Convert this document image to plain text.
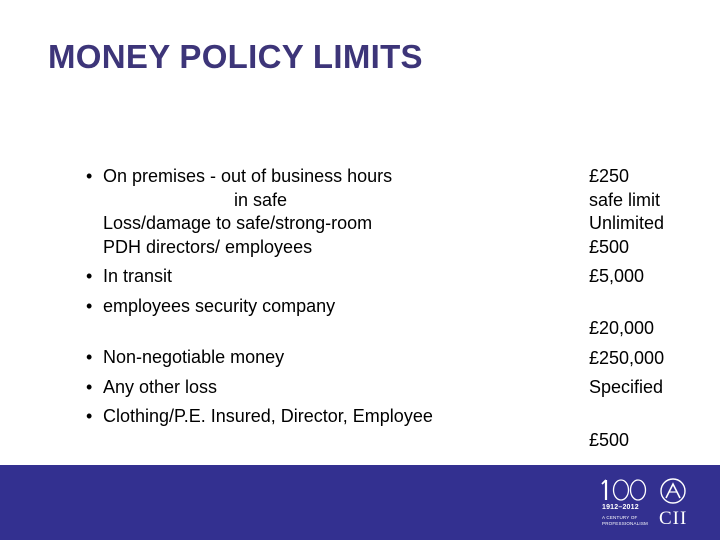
MONEY POLICY LIMITS
• On premises - out of business hours
in safe
Loss/damage to safe/strong-room
PDH directors/ employees
• In transit
• employees security company
• Non-negotiable money
• Any other loss
• Clothing/P.E. Insured, Director, Employee
£250
safe limit
Unlimited
£500
£5,000
£20,000
£250,000
Specified
£500
1912–2012
A CENTURY OF
PROFESSIONALISM CII
